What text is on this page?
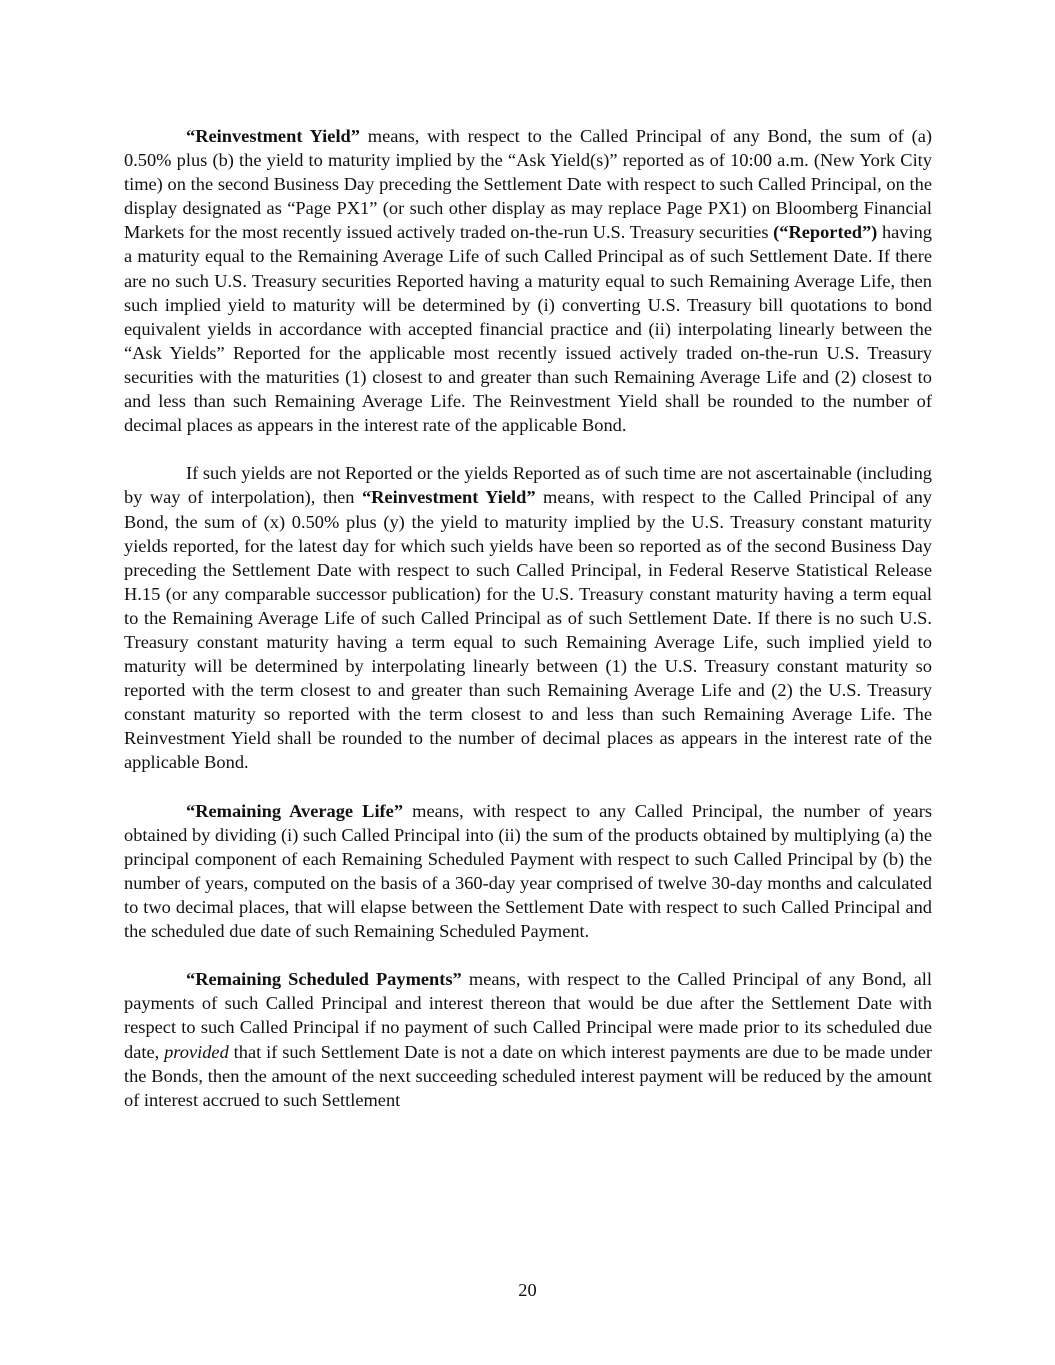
“Reinvestment Yield” means, with respect to the Called Principal of any Bond, the sum of (a) 0.50% plus (b) the yield to maturity implied by the “Ask Yield(s)” reported as of 10:00 a.m. (New York City time) on the second Business Day preceding the Settlement Date with respect to such Called Principal, on the display designated as “Page PX1” (or such other display as may replace Page PX1) on Bloomberg Financial Markets for the most recently issued actively traded on-the-run U.S. Treasury securities (“Reported”) having a maturity equal to the Remaining Average Life of such Called Principal as of such Settlement Date. If there are no such U.S. Treasury securities Reported having a maturity equal to such Remaining Average Life, then such implied yield to maturity will be determined by (i) converting U.S. Treasury bill quotations to bond equivalent yields in accordance with accepted financial practice and (ii) interpolating linearly between the “Ask Yields” Reported for the applicable most recently issued actively traded on-the-run U.S. Treasury securities with the maturities (1) closest to and greater than such Remaining Average Life and (2) closest to and less than such Remaining Average Life. The Reinvestment Yield shall be rounded to the number of decimal places as appears in the interest rate of the applicable Bond.

If such yields are not Reported or the yields Reported as of such time are not ascertainable (including by way of interpolation), then “Reinvestment Yield” means, with respect to the Called Principal of any Bond, the sum of (x) 0.50% plus (y) the yield to maturity implied by the U.S. Treasury constant maturity yields reported, for the latest day for which such yields have been so reported as of the second Business Day preceding the Settlement Date with respect to such Called Principal, in Federal Reserve Statistical Release H.15 (or any comparable successor publication) for the U.S. Treasury constant maturity having a term equal to the Remaining Average Life of such Called Principal as of such Settlement Date. If there is no such U.S. Treasury constant maturity having a term equal to such Remaining Average Life, such implied yield to maturity will be determined by interpolating linearly between (1) the U.S. Treasury constant maturity so reported with the term closest to and greater than such Remaining Average Life and (2) the U.S. Treasury constant maturity so reported with the term closest to and less than such Remaining Average Life. The Reinvestment Yield shall be rounded to the number of decimal places as appears in the interest rate of the applicable Bond.

“Remaining Average Life” means, with respect to any Called Principal, the number of years obtained by dividing (i) such Called Principal into (ii) the sum of the products obtained by multiplying (a) the principal component of each Remaining Scheduled Payment with respect to such Called Principal by (b) the number of years, computed on the basis of a 360-day year comprised of twelve 30-day months and calculated to two decimal places, that will elapse between the Settlement Date with respect to such Called Principal and the scheduled due date of such Remaining Scheduled Payment.

“Remaining Scheduled Payments” means, with respect to the Called Principal of any Bond, all payments of such Called Principal and interest thereon that would be due after the Settlement Date with respect to such Called Principal if no payment of such Called Principal were made prior to its scheduled due date, provided that if such Settlement Date is not a date on which interest payments are due to be made under the Bonds, then the amount of the next succeeding scheduled interest payment will be reduced by the amount of interest accrued to such Settlement

20
